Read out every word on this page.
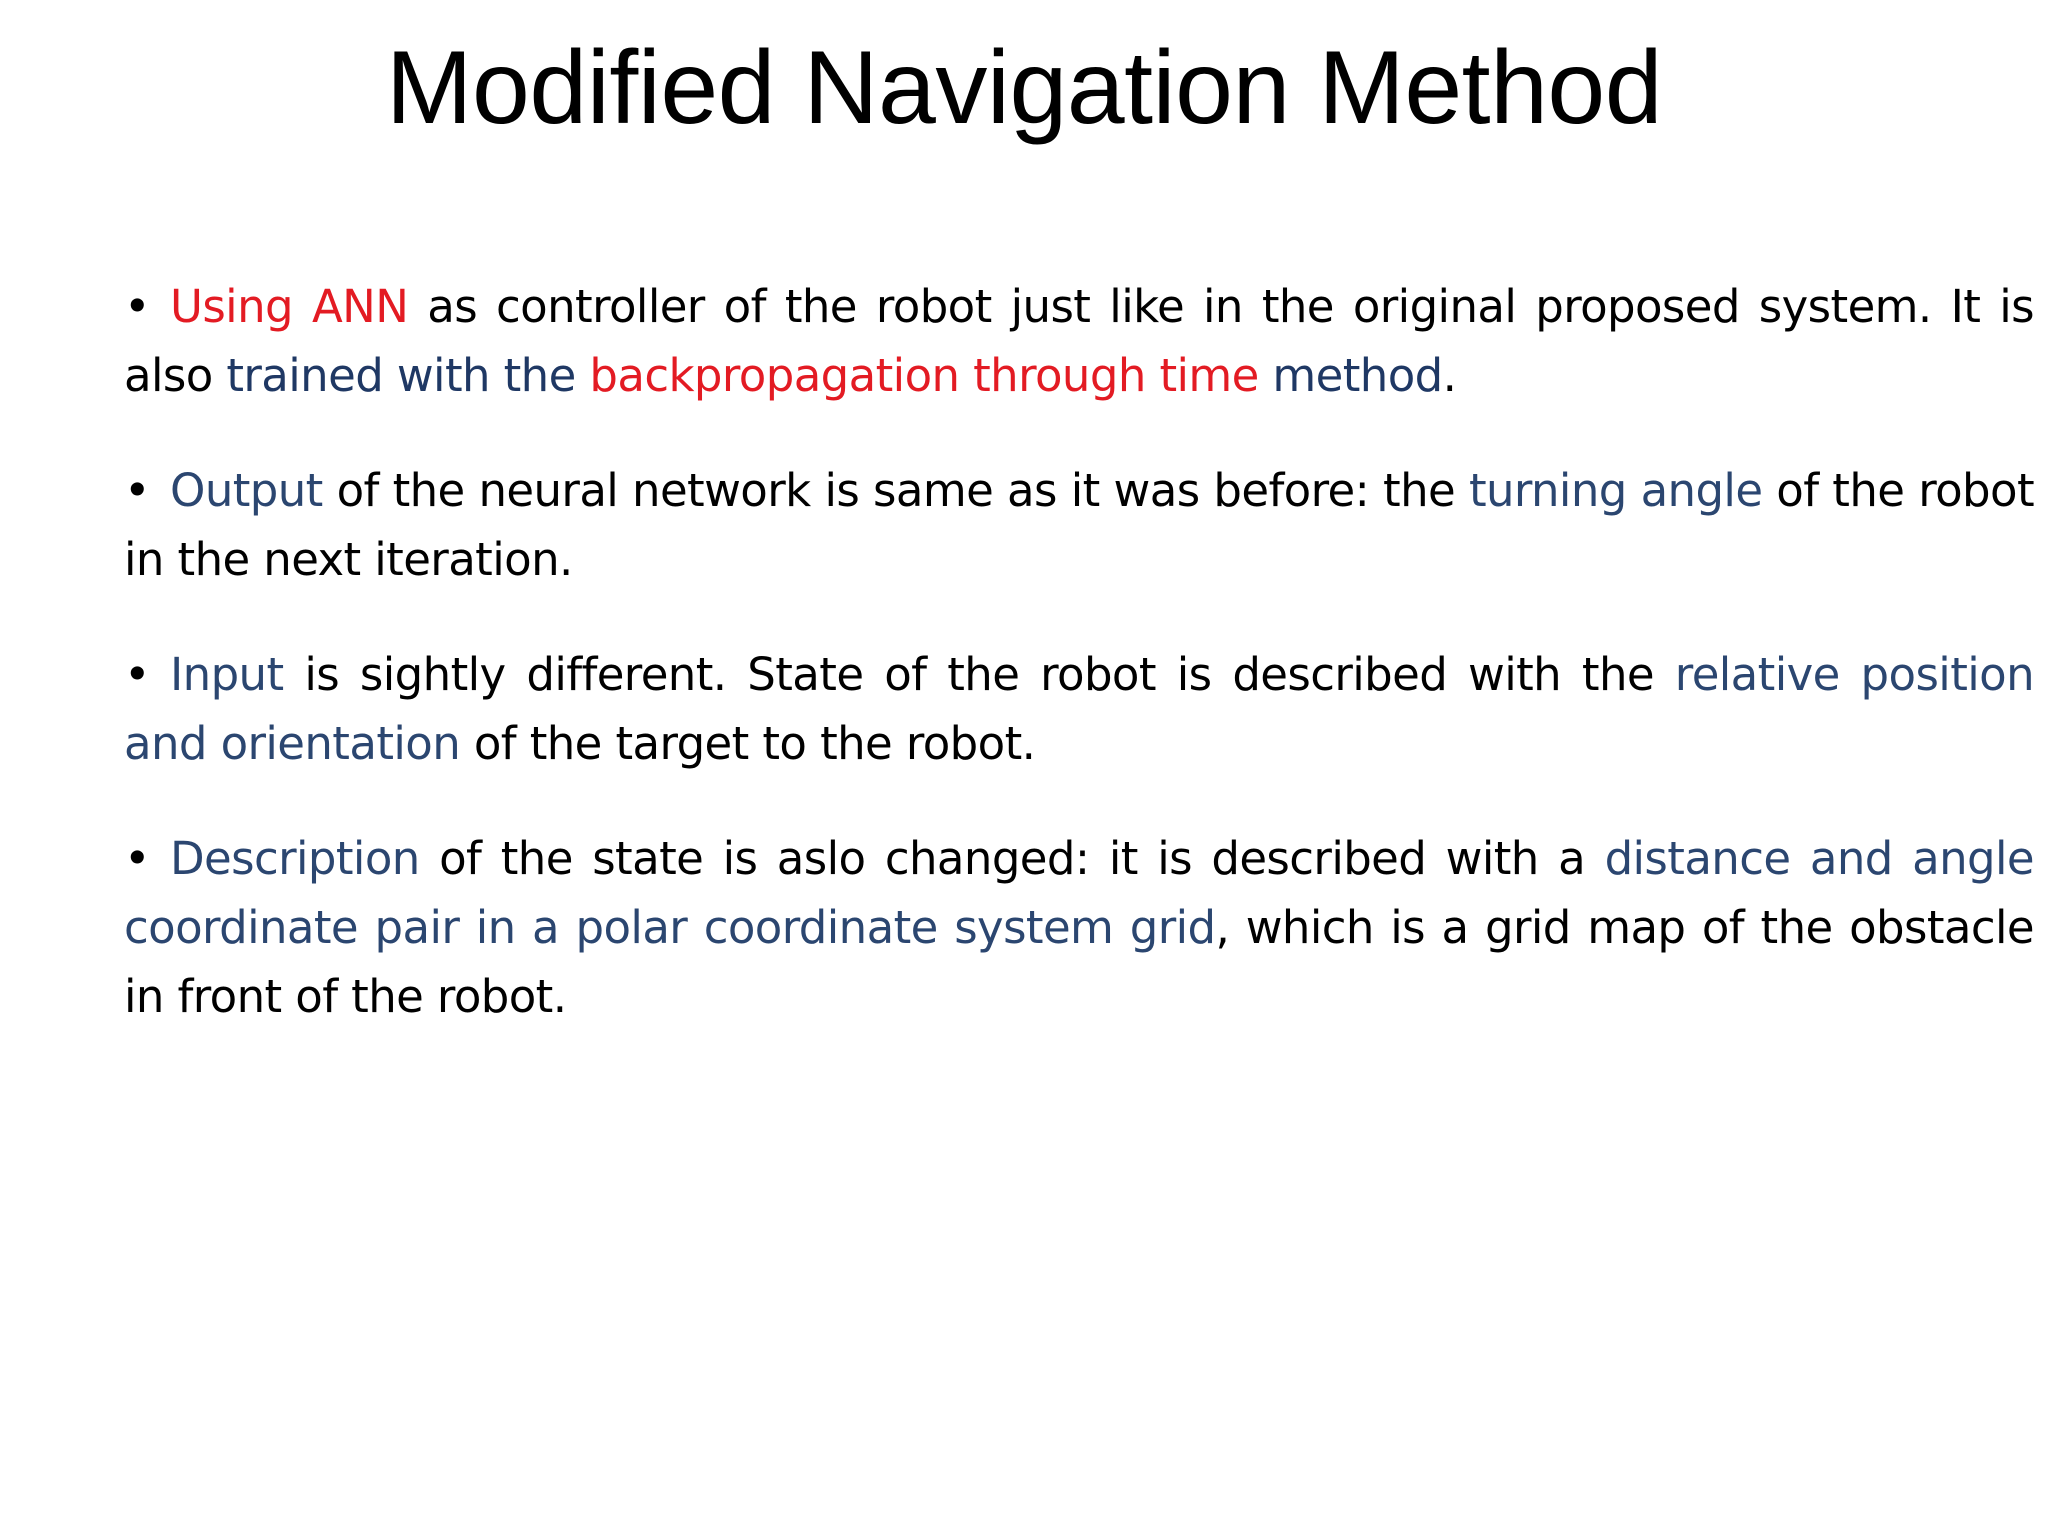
Modified Navigation Method
• Using ANN as controller of the robot just like in the original proposed system. It is also trained with the backpropagation through time method.
• Output of the neural network is same as it was before: the turning angle of the robot in the next iteration.
• Input is sightly different. State of the robot is described with the relative position and orientation of the target to the robot.
• Description of the state is aslo changed: it is described with a distance and angle coordinate pair in a polar coordinate system grid, which is a grid map of the obstacle in front of the robot.
